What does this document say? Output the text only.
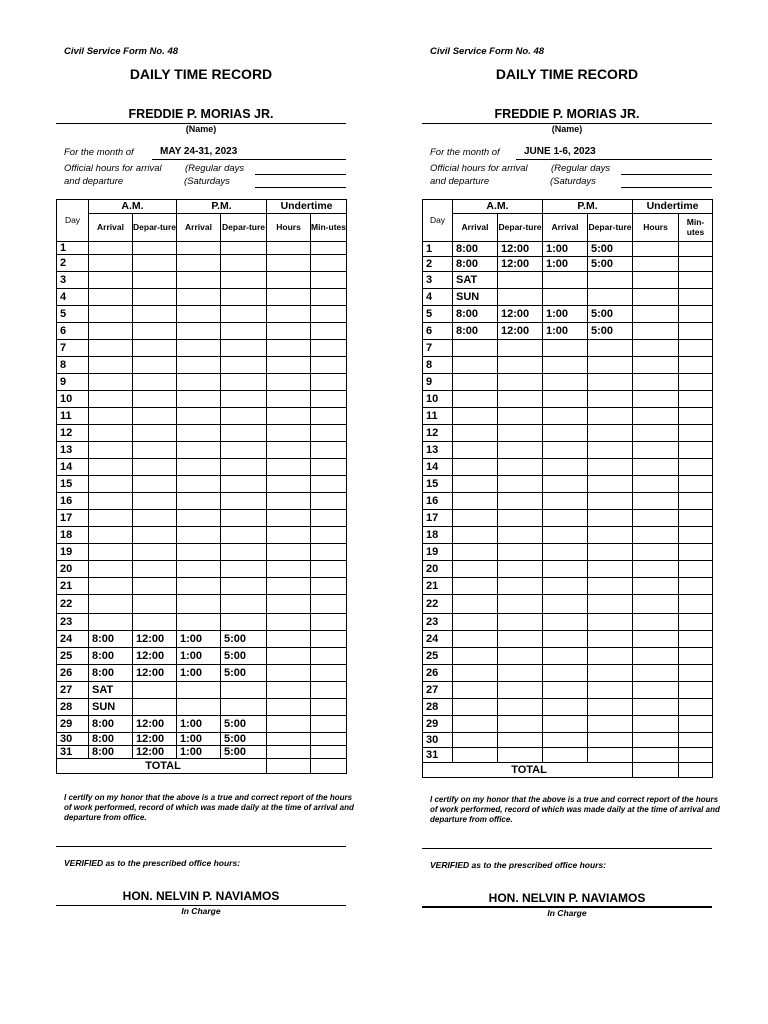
Civil Service Form No. 48
DAILY TIME RECORD
FREDDIE P. MORIAS JR.
(Name)
For the month of	MAY 24-31, 2023
Official hours for arrival
and departure
(Regular days
(Saturdays
Day	A.M.		P.M.		Undertime	
	Arrival	Depar-ture	Arrival	Depar-ture	Hours	Min-utes
1						
2						
3						
4						
5						
6						
7						
8						
9						
10						
11						
12						
13						
14						
15						
16						
17						
18						
19						
20						
21						
22						
23						
24	8:00	12:00	1:00	5:00		
25	8:00	12:00	1:00	5:00		
26	8:00	12:00	1:00	5:00		
27	SAT					
28	SUN					
29	8:00	12:00	1:00	5:00		
30	8:00	12:00	1:00	5:00		
31	8:00	12:00	1:00	5:00		
TOTAL						
I certify on my honor that the above is a true and correct report of the hours of work performed, record of which was made daily at the time of arrival and departure from office.
VERIFIED as to the prescribed office hours:
HON. NELVIN P. NAVIAMOS
In Charge
Civil Service Form No. 48
DAILY TIME RECORD
FREDDIE P. MORIAS JR.
(Name)
For the month of JUNE 1-6, 2023
Official hours for arrival
and departure
(Regular days
(Saturdays
Day	A.M.		P.M.		Undertime	
	Arrival	Depar-ture	Arrival	Depar-ture	Hours	Min-utes
1	8:00	12:00	1:00	5:00		
2	8:00	12:00	1:00	5:00		
3	SAT					
4	SUN					
5	8:00	12:00	1:00	5:00		
6	8:00	12:00	1:00	5:00		
7						
8						
9						
10						
11						
12						
13						
14						
15						
16						
17						
18						
19						
20						
21						
22						
23						
24						
25						
26						
27						
28						
29						
30						
31						
TOTAL						
I certify on my honor that the above is a true and correct report of the hours of work performed, record of which was made daily at the time of arrival and departure from office.
VERIFIED as to the prescribed office hours:
HON. NELVIN P. NAVIAMOS
In Charge
